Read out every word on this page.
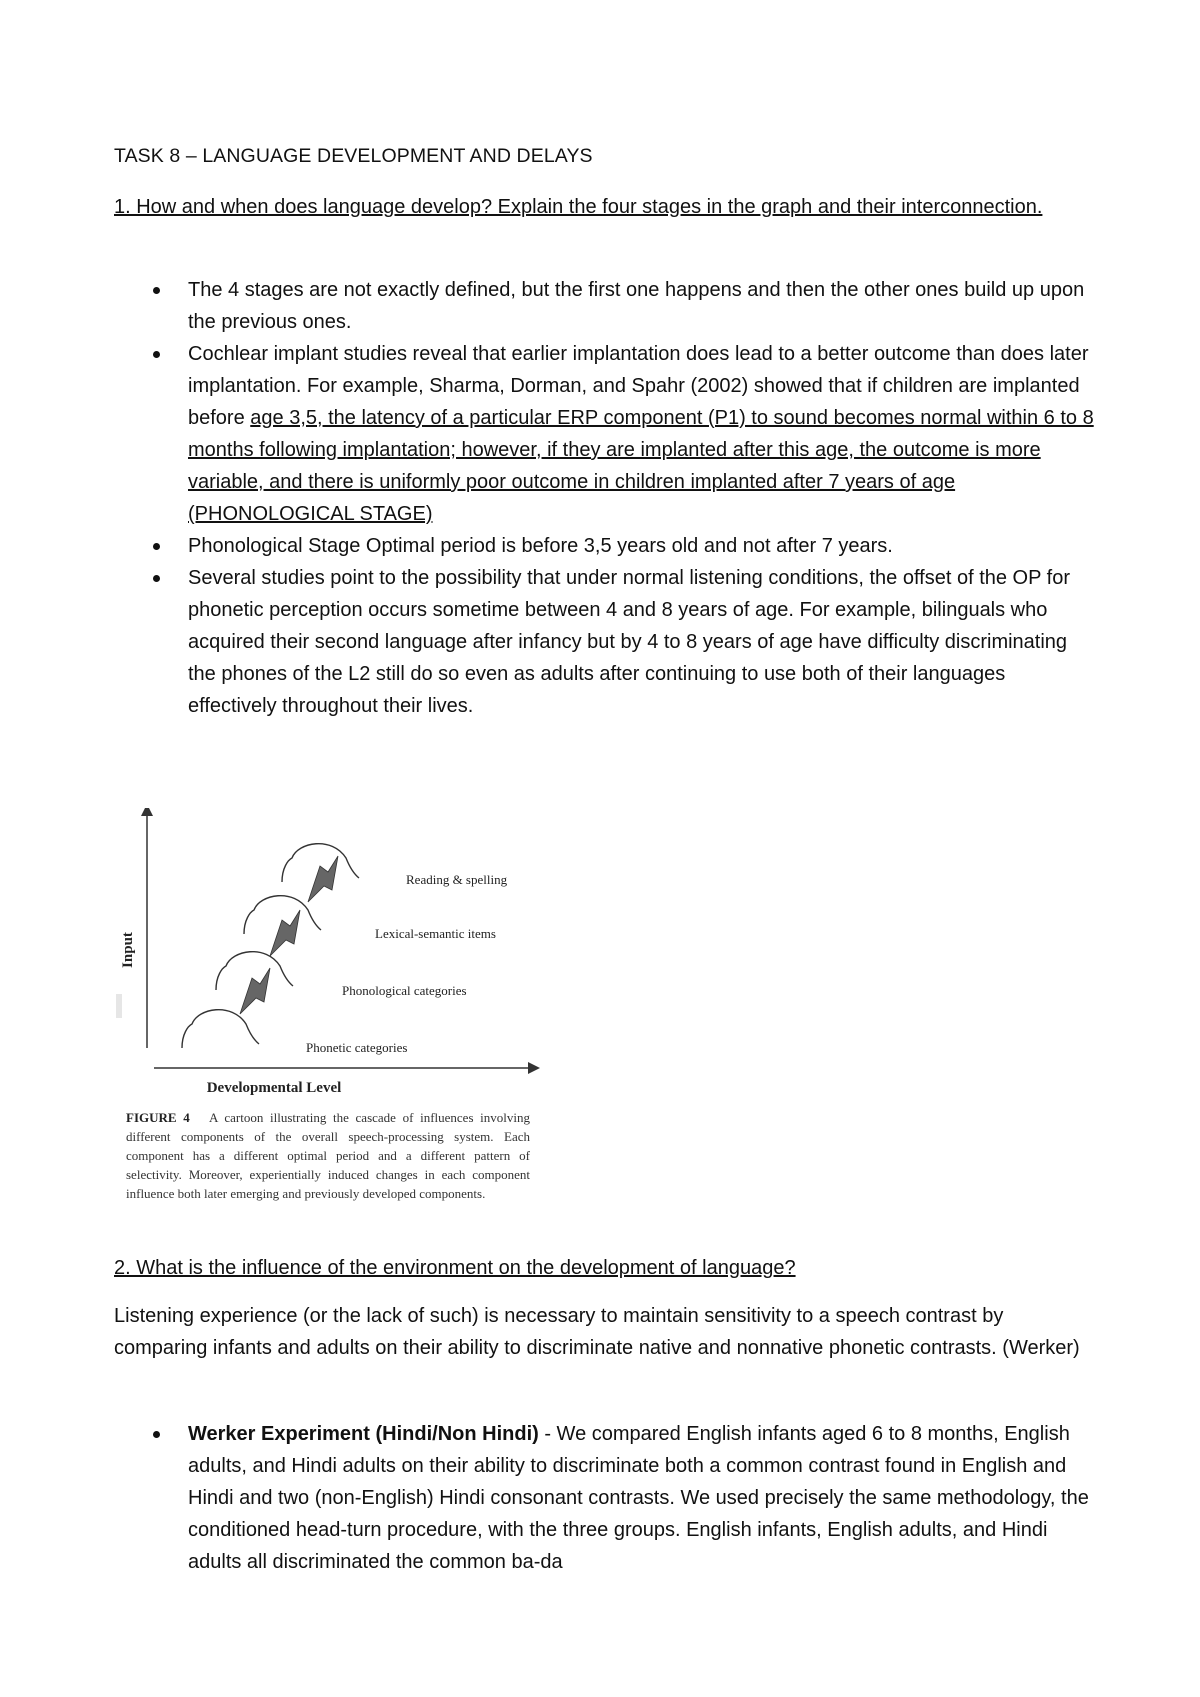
TASK 8 – LANGUAGE DEVELOPMENT AND DELAYS
1. How and when does language develop? Explain the four stages in the graph and their interconnection.
The 4 stages are not exactly defined, but the first one happens and then the other ones build up upon the previous ones.
Cochlear implant studies reveal that earlier implantation does lead to a better outcome than does later implantation. For example, Sharma, Dorman, and Spahr (2002) showed that if children are implanted before age 3,5, the latency of a particular ERP component (P1) to sound becomes normal within 6 to 8 months following implantation; however, if they are implanted after this age, the outcome is more variable, and there is uniformly poor outcome in children implanted after 7 years of age (PHONOLOGICAL STAGE)
Phonological Stage Optimal period is before 3,5 years old and not after 7 years.
Several studies point to the possibility that under normal listening conditions, the offset of the OP for phonetic perception occurs sometime between 4 and 8 years of age. For example, bilinguals who acquired their second language after infancy but by 4 to 8 years of age have difficulty discriminating the phones of the L2 still do so even as adults after continuing to use both of their languages effectively throughout their lives.
Input
Developmental Level
Phonetic categories
Phonological categories
Lexical-semantic items
Reading & spelling
FIGURE 4 A cartoon illustrating the cascade of influences involving different components of the overall speech-processing system. Each component has a different optimal period and a different pattern of selectivity. Moreover, experientially induced changes in each component influence both later emerging and previously developed components.
2. What is the influence of the environment on the development of language?
Listening experience (or the lack of such) is necessary to maintain sensitivity to a speech contrast by comparing infants and adults on their ability to discriminate native and nonnative phonetic contrasts. (Werker)
Werker Experiment (Hindi/Non Hindi) - We compared English infants aged 6 to 8 months, English adults, and Hindi adults on their ability to discriminate both a common contrast found in English and Hindi and two (non-English) Hindi consonant contrasts. We used precisely the same methodology, the conditioned head-turn procedure, with the three groups. English infants, English adults, and Hindi adults all discriminated the common ba-da
